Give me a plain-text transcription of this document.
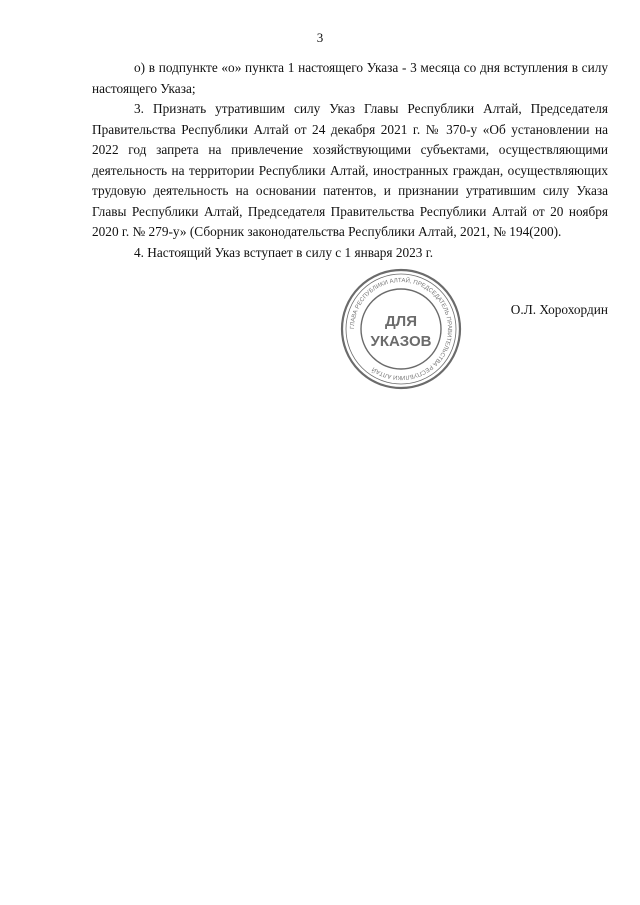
3

о) в подпункте «о» пункта 1 настоящего Указа - 3 месяца со дня вступления в силу настоящего Указа;

3. Признать утратившим силу Указ Главы Республики Алтай, Председателя Правительства Республики Алтай от 24 декабря 2021 г. № 370-у «Об установлении на 2022 год запрета на привлечение хозяйствующими субъектами, осуществляющими деятельность на территории Республики Алтай, иностранных граждан, осуществляющих трудовую деятельность на основании патентов, и признании утратившим силу Указа Главы Республики Алтай, Председателя Правительства Республики Алтай от 20 ноября 2020 г. № 279-у» (Сборник законодательства Республики Алтай, 2021, № 194(200).

4. Настоящий Указ вступает в силу с 1 января 2023 г.

ГЛАВА РЕСПУБЛИКИ АЛТАЙ, ПРЕДСЕДАТЕЛЬ ПРАВИТЕЛЬСТВА РЕСПУБЛИКИ АЛТАЙ
ДЛЯ
УКАЗОВ
О.Л. Хорохордин
